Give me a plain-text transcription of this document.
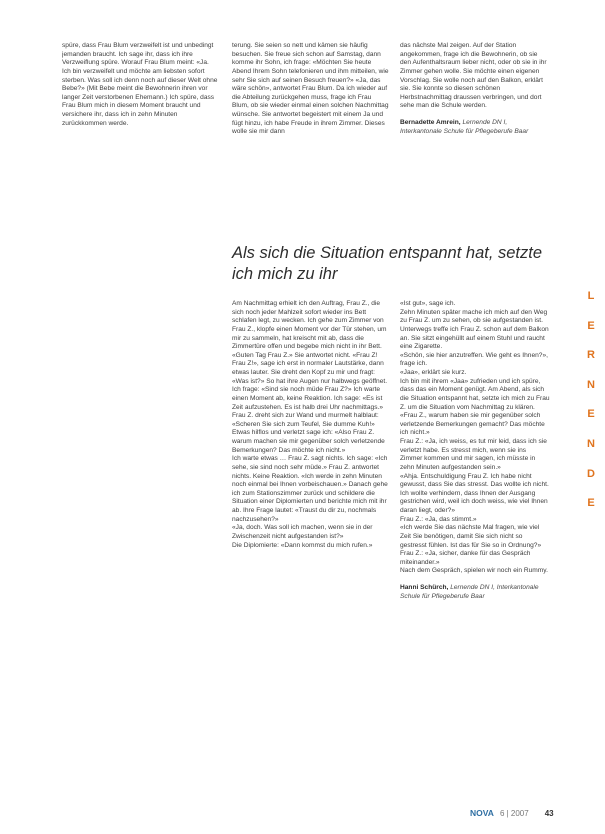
spüre, dass Frau Blum verzweifelt ist und unbedingt jemanden braucht. Ich sage ihr, dass ich ihre Verzweiflung spüre. Worauf Frau Blum meint: «Ja. Ich bin verzweifelt und möchte am liebsten sofort sterben. Was soll ich denn noch auf dieser Welt ohne Bebe?» (Mit Bebe meint die Bewohnerin ihren vor langer Zeit verstorbenen Ehemann.) Ich spüre, dass Frau Blum mich in diesem Moment braucht und versichere ihr, dass ich in zehn Minuten zurückkommen werde.

terung. Sie seien so nett und kämen sie häufig besuchen. Sie freue sich schon auf Samstag, dann komme ihr Sohn, ich frage: «Möchten Sie heute Abend Ihrem Sohn telefonieren und ihm mitteilen, wie sehr Sie sich auf seinen Besuch freuen?» «Ja, das wäre schön», antwortet Frau Blum. Da ich wieder auf die Abteilung zurückgehen muss, frage ich Frau Blum, ob sie wieder einmal einen solchen Nachmittag wünsche. Sie antwortet begeistert mit einem Ja und fügt hinzu, ich habe Freude in ihrem Zimmer. Dieses wolle sie mir dann

das nächste Mal zeigen. Auf der Station angekommen, frage ich die Bewohnerin, ob sie den Aufenthaltsraum lieber nicht, oder ob sie in ihr Zimmer gehen wolle. Sie möchte einen eigenen Vorschlag. Sie wolle noch auf den Balkon, erklärt sie. Sie konnte so diesen schönen Herbstnachmittag draussen verbringen, und dort sehe man die Schule werden.

Bernadette Amrein, Lernende DN I, Interkantonale Schule für Pflegeberufe Baar

Als sich die Situation entspannt hat, setzte ich mich zu ihr

Am Nachmittag erhielt ich den Auftrag, Frau Z., die sich noch jeder Mahlzeit sofort wieder ins Bett schlafen legt, zu wecken. Ich gehe zum Zimmer von Frau Z., klopfe einen Moment vor der Tür stehen, um mir zu sammeln, hat kreischt mit ab, dass die Zimmertüre offen und begebe mich nicht in ihr Bett.

«Guten Tag Frau Z.» Sie antwortet nicht. «Frau Z! Frau Z!», sage ich erst in normaler Lautstärke, dann etwas lauter. Sie dreht den Kopf zu mir und fragt: «Was ist?» So hat ihre Augen nur halbwegs geöffnet.

Ich frage: «Sind sie noch müde Frau Z?» Ich warte einen Moment ab, keine Reaktion. Ich sage: «Es ist Zeit aufzustehen. Es ist halb drei Uhr nachmittags.»

Frau Z. dreht sich zur Wand und murmelt halblaut: «Scheren Sie sich zum Teufel, Sie dumme Kuh!»

Etwas hilflos und verletzt sage ich: «Also Frau Z. warum machen sie mir gegenüber solch verletzende Bemerkungen? Das möchte ich nicht.»

Ich warte etwas … Frau Z. sagt nichts. Ich sage: «Ich sehe, sie sind noch sehr müde.» Frau Z. antwortet nichts. Keine Reaktion. «Ich werde in zehn Minuten noch einmal bei Ihnen vorbeischauen.» Danach gehe ich zum Stationszimmer zurück und schildere die Situation einer Diplomierten und berichte mich mit ihr ab. Ihre Frage lautet: «Traust du dir zu, nochmals nachzusehen?»

«Ja, doch. Was soll ich machen, wenn sie in der Zwischenzeit nicht aufgestanden ist?»

Die Diplomierte: «Dann kommst du mich rufen.»

«Ist gut», sage ich.

Zehn Minuten später mache ich mich auf den Weg zu Frau Z. um zu sehen, ob sie aufgestanden ist. Unterwegs treffe ich Frau Z. schon auf dem Balkon an. Sie sitzt eingehüllt auf einem Stuhl und raucht eine Zigarette.

«Schön, sie hier anzutreffen. Wie geht es Ihnen?», frage ich.

«Jaa», erklärt sie kurz.

Ich bin mit ihrem «Jaa» zufrieden und ich spüre, dass das ein Moment genügt. Am Abend, als sich die Situation entspannt hat, setzte ich mich zu Frau Z. um die Situation vom Nachmittag zu klären.

«Frau Z., warum haben sie mir gegenüber solch verletzende Bemerkungen gemacht? Das möchte ich nicht.»

Frau Z.: «Ja, ich weiss, es tut mir leid, dass ich sie verletzt habe. Es stresst mich, wenn sie ins Zimmer kommen und mir sagen, ich müsste in zehn Minuten aufgestanden sein.»

«Ahja. Entschuldigung Frau Z. Ich habe nicht gewusst, dass Sie das stresst. Das wollte ich nicht. Ich wollte verhindern, dass Ihnen der Ausgang gestrichen wird, weil ich doch weiss, wie viel Ihnen daran liegt, oder?»

Frau Z.: «Ja, das stimmt.»

«Ich werde Sie das nächste Mal fragen, wie viel Zeit Sie benötigen, damit Sie sich nicht so gestresst fühlen. Ist das für Sie so in Ordnung?»

Frau Z.: «Ja, sicher, danke für das Gespräch miteinander.»

Nach dem Gespräch, spielen wir noch ein Rummy.

Hanni Schürch, Lernende DN I, Interkantonale Schule für Pflegeberufe Baar

L
E
R
N
E
N
D
E
NOVA 6 | 2007 43
